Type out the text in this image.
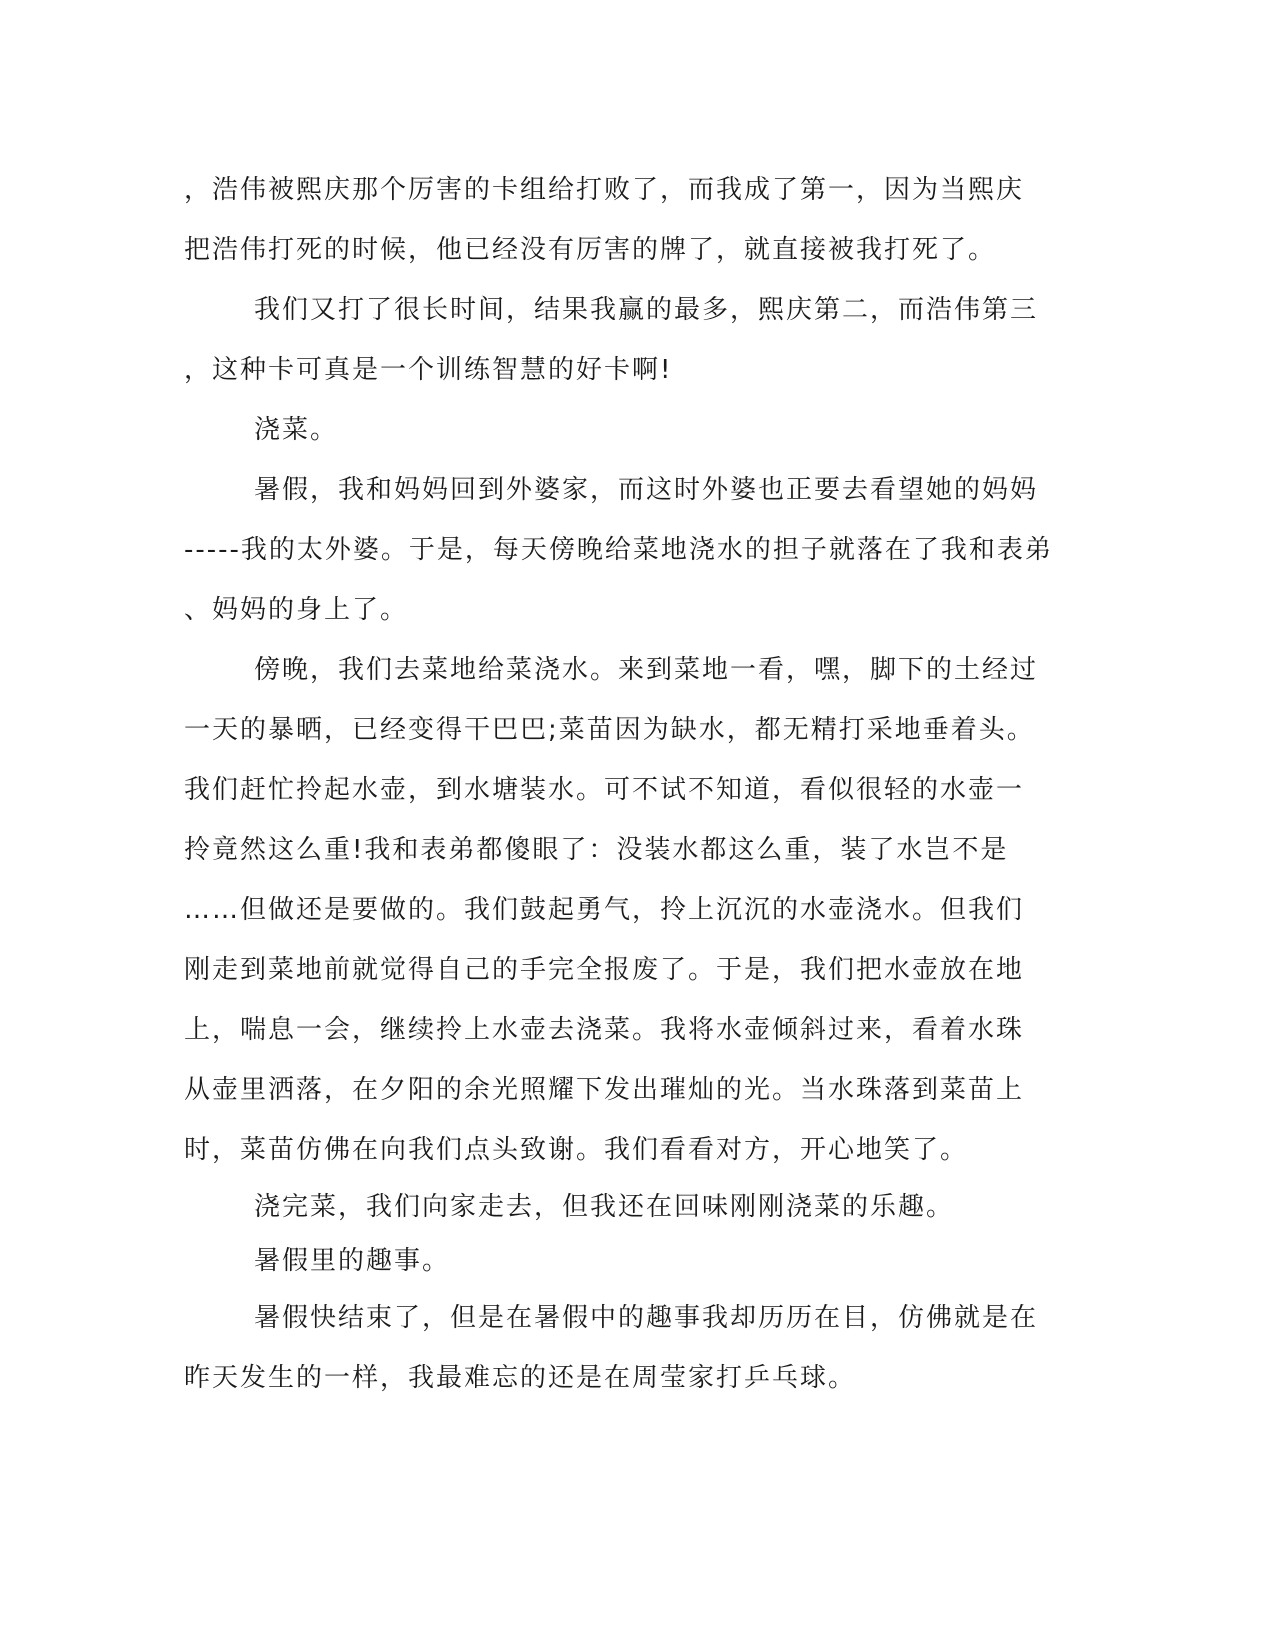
，浩伟被熙庆那个厉害的卡组给打败了，而我成了第一，因为当熙庆
把浩伟打死的时候，他已经没有厉害的牌了，就直接被我打死了。
我们又打了很长时间，结果我赢的最多，熙庆第二，而浩伟第三
，这种卡可真是一个训练智慧的好卡啊!
浇菜。
暑假，我和妈妈回到外婆家，而这时外婆也正要去看望她的妈妈
-----我的太外婆。于是，每天傍晚给菜地浇水的担子就落在了我和表弟
、妈妈的身上了。
傍晚，我们去菜地给菜浇水。来到菜地一看，嘿，脚下的土经过
一天的暴晒，已经变得干巴巴;菜苗因为缺水，都无精打采地垂着头。
我们赶忙拎起水壶，到水塘装水。可不试不知道，看似很轻的水壶一
拎竟然这么重!我和表弟都傻眼了：没装水都这么重，装了水岂不是
……但做还是要做的。我们鼓起勇气，拎上沉沉的水壶浇水。但我们
刚走到菜地前就觉得自己的手完全报废了。于是，我们把水壶放在地
上，喘息一会，继续拎上水壶去浇菜。我将水壶倾斜过来，看着水珠
从壶里洒落，在夕阳的余光照耀下发出璀灿的光。当水珠落到菜苗上
时，菜苗仿佛在向我们点头致谢。我们看看对方，开心地笑了。
浇完菜，我们向家走去，但我还在回味刚刚浇菜的乐趣。
暑假里的趣事。
暑假快结束了，但是在暑假中的趣事我却历历在目，仿佛就是在
昨天发生的一样，我最难忘的还是在周莹家打乒乓球。
